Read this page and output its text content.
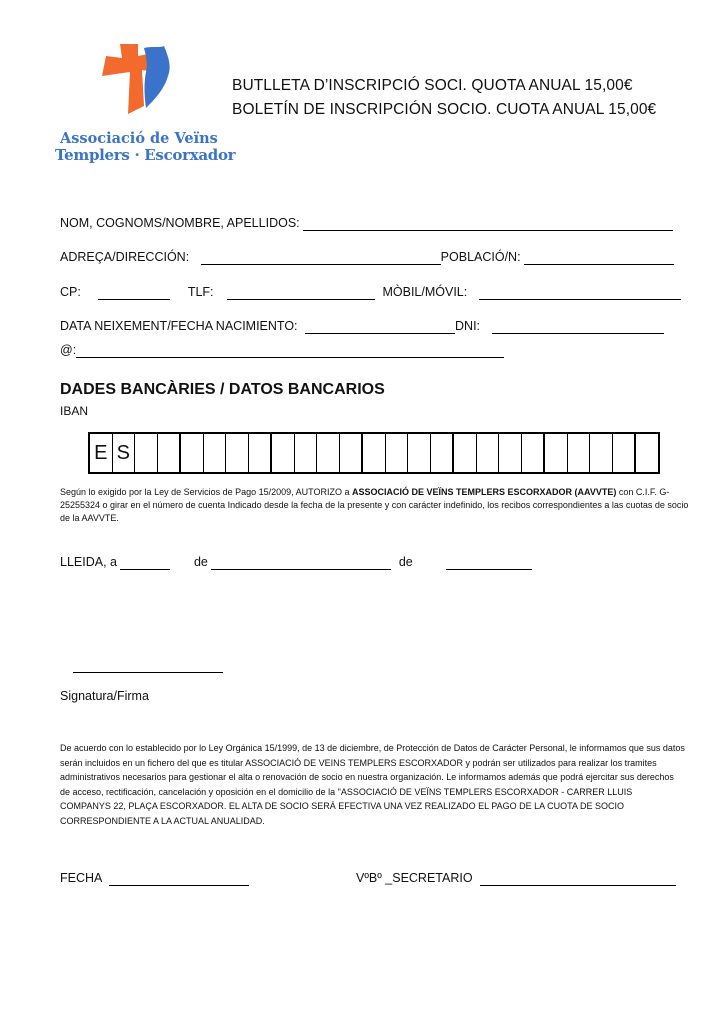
Associació de Veïns
Templers · Escorxador
BUTLLETA D’INSCRIPCIÓ SOCI. QUOTA ANUAL 15,00€
BOLETÍN DE INSCRIPCIÓN SOCIO. CUOTA ANUAL 15,00€
NOM, COGNOMS/NOMBRE, APELLIDOS:
ADREÇA/DIRECCIÓN:	POBLACIÓ/N:
CP:	TLF:	MÒBIL/MÓVIL:
DATA NEIXEMENT/FECHA NACIMIENTO:	DNI:
@:
DADES BANCÀRIES / DATOS BANCARIOS
IBAN
E S
Según lo exigido por la Ley de Servicios de Pago 15/2009, AUTORIZO a ASSOCIACIÓ DE VEÏNS TEMPLERS ESCORXADOR (AAVVTE) con C.I.F. G-25255324 o girar en el número de cuenta Indicado desde la fecha de la presente y con carácter indefinido, los recibos correspondientes a las cuotas de socio de la AAVVTE.
LLEIDA, a	de	de
Signatura/Firma
De acuerdo con lo establecido por lo Ley Orgánica 15/1999, de 13 de diciembre, de Protección de Datos de Carácter Personal, le informamos que sus datos serán incluidos en un fichero del que es titular ASSOCIACIÓ DE VEINS TEMPLERS ESCORXADOR y podrán ser utilizados para realizar los tramites administrativos necesarios para gestionar el alta o renovación de socio en nuestra organización. Le informamos además que podrá ejercitar sus derechos de acceso, rectificación, cancelación y oposición en el domicilio de la "ASSOCIACIÓ DE VEÏNS TEMPLERS ESCORXADOR - CARRER LLUIS COMPANYS 22, PLAÇA ESCORXADOR. EL ALTA DE SOCIO SERÁ EFECTIVA UNA VEZ REALIZADO EL PAGO DE LA CUOTA DE SOCIO CORRESPONDIENTE A LA ACTUAL ANUALIDAD.
FECHA	VºBº _SECRETARIO
